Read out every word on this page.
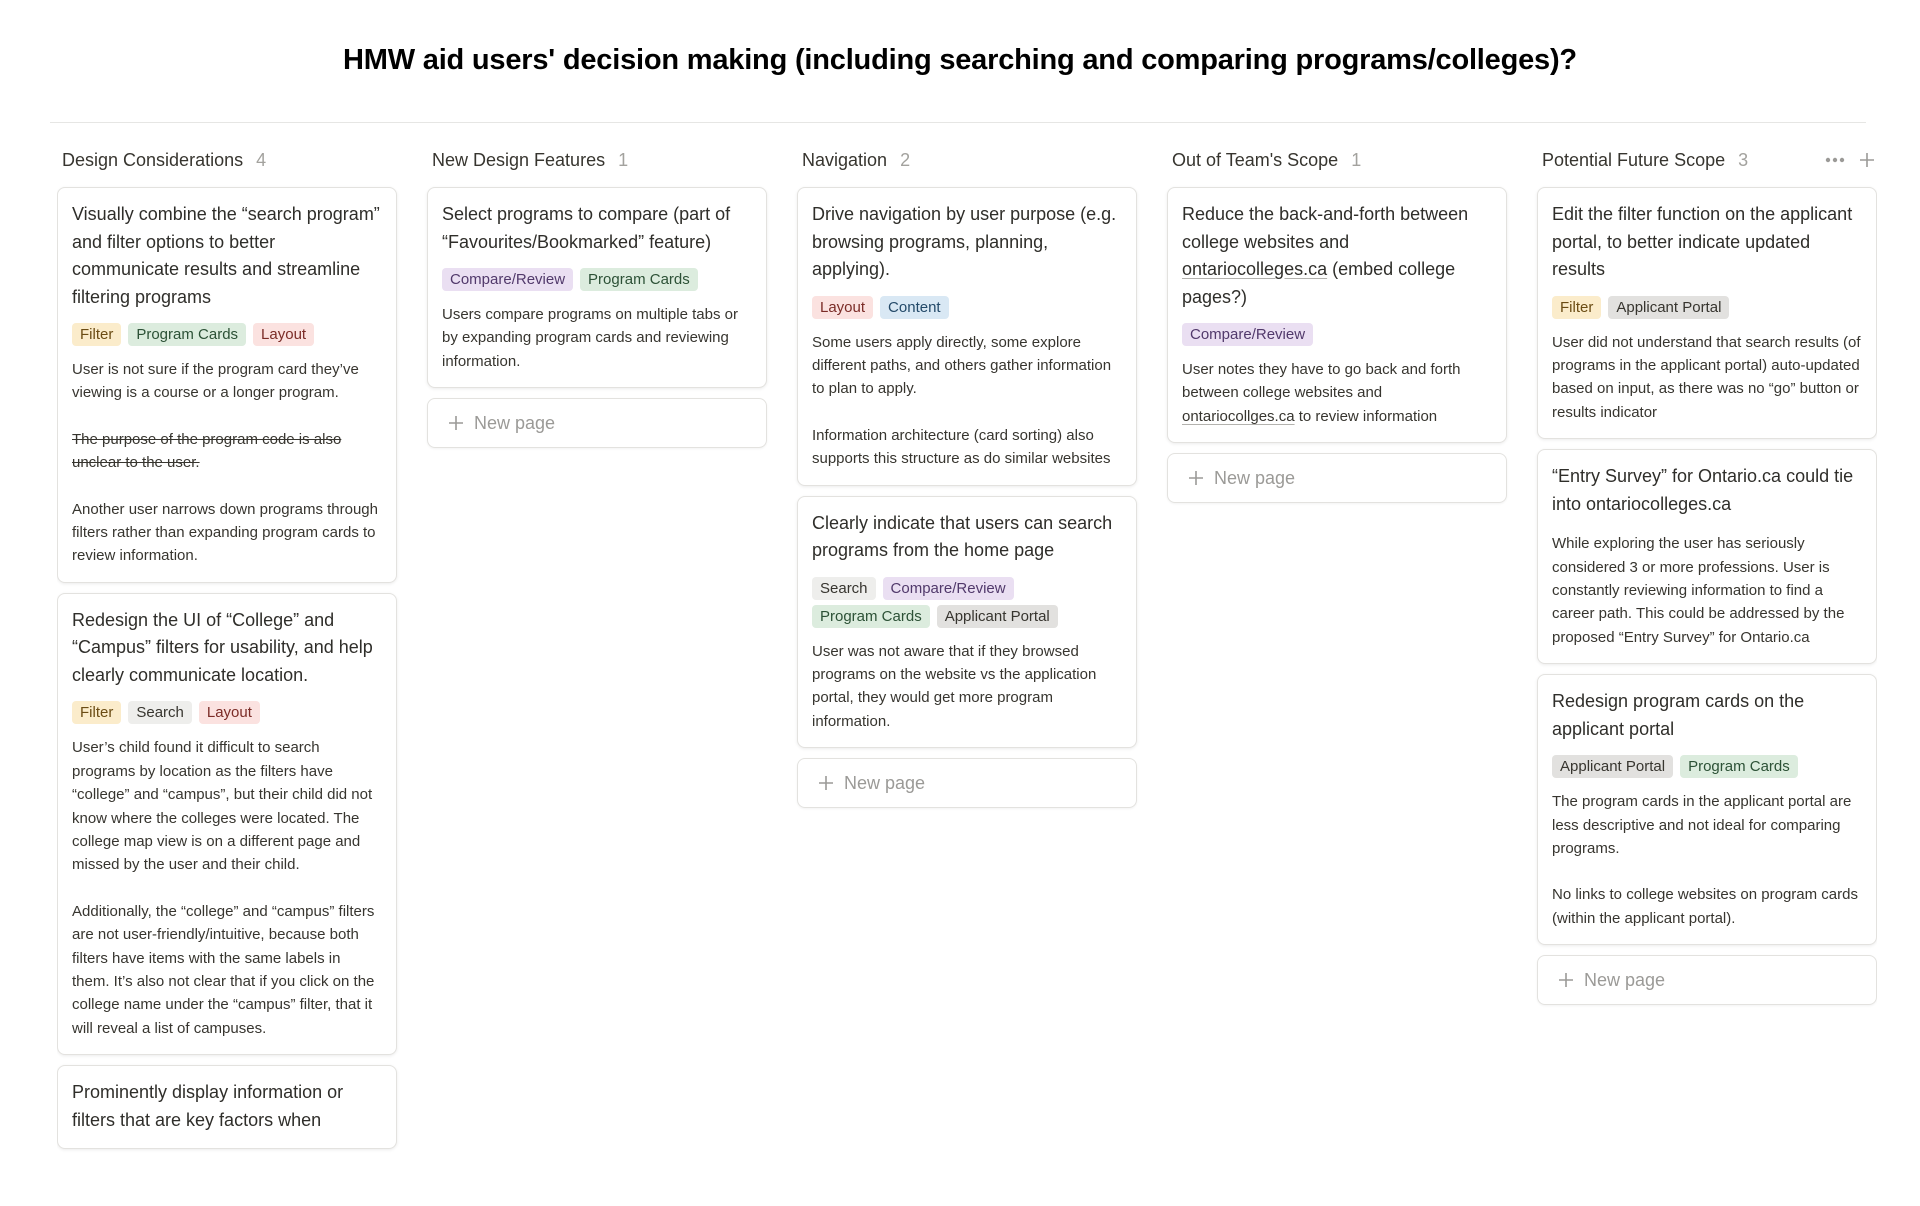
HMW aid users' decision making (including searching and comparing programs/colleges)?
Design Considerations 4
Visually combine the “search program” and filter options to better communicate results and streamline filtering programs
Filter	Program Cards	Layout
User is not sure if the program card they’ve viewing is a course or a longer program.
The purpose of the program code is also unclear to the user.
Another user narrows down programs through filters rather than expanding program cards to review information.
Redesign the UI of “College” and “Campus” filters for usability, and help clearly communicate location.
Filter	Search	Layout
User’s child found it difficult to search programs by location as the filters have “college” and “campus”, but their child did not know where the colleges were located. The college map view is on a different page and missed by the user and their child.
Additionally, the “college” and “campus” filters are not user-friendly/intuitive, because both filters have items with the same labels in them. It’s also not clear that if you click on the college name under the “campus” filter, that it will reveal a list of campuses.
Prominently display information or filters that are key factors when
New Design Features 1
Select programs to compare (part of “Favourites/Bookmarked” feature)
Compare/Review	Program Cards
Users compare programs on multiple tabs or by expanding program cards and reviewing information.
New page
Navigation 2
Drive navigation by user purpose (e.g. browsing programs, planning, applying).
Layout	Content
Some users apply directly, some explore different paths, and others gather information to plan to apply.
Information architecture (card sorting) also supports this structure as do similar websites
Clearly indicate that users can search programs from the home page
Search	Compare/Review
Program Cards	Applicant Portal
User was not aware that if they browsed programs on the website vs the application portal, they would get more program information.
New page
Out of Team's Scope 1
Reduce the back-and-forth between college websites and ontariocolleges.ca (embed college pages?)
Compare/Review
User notes they have to go back and forth between college websites and ontariocollges.ca to review information
New page
Potential Future Scope 3
Edit the filter function on the applicant portal, to better indicate updated results
Filter	Applicant Portal
User did not understand that search results (of programs in the applicant portal) auto-updated based on input, as there was no “go” button or results indicator
“Entry Survey” for Ontario.ca could tie into ontariocolleges.ca
While exploring the user has seriously considered 3 or more professions. User is constantly reviewing information to find a career path. This could be addressed by the proposed “Entry Survey” for Ontario.ca
Redesign program cards on the applicant portal
Applicant Portal	Program Cards
The program cards in the applicant portal are less descriptive and not ideal for comparing programs.
No links to college websites on program cards (within the applicant portal).
New page
